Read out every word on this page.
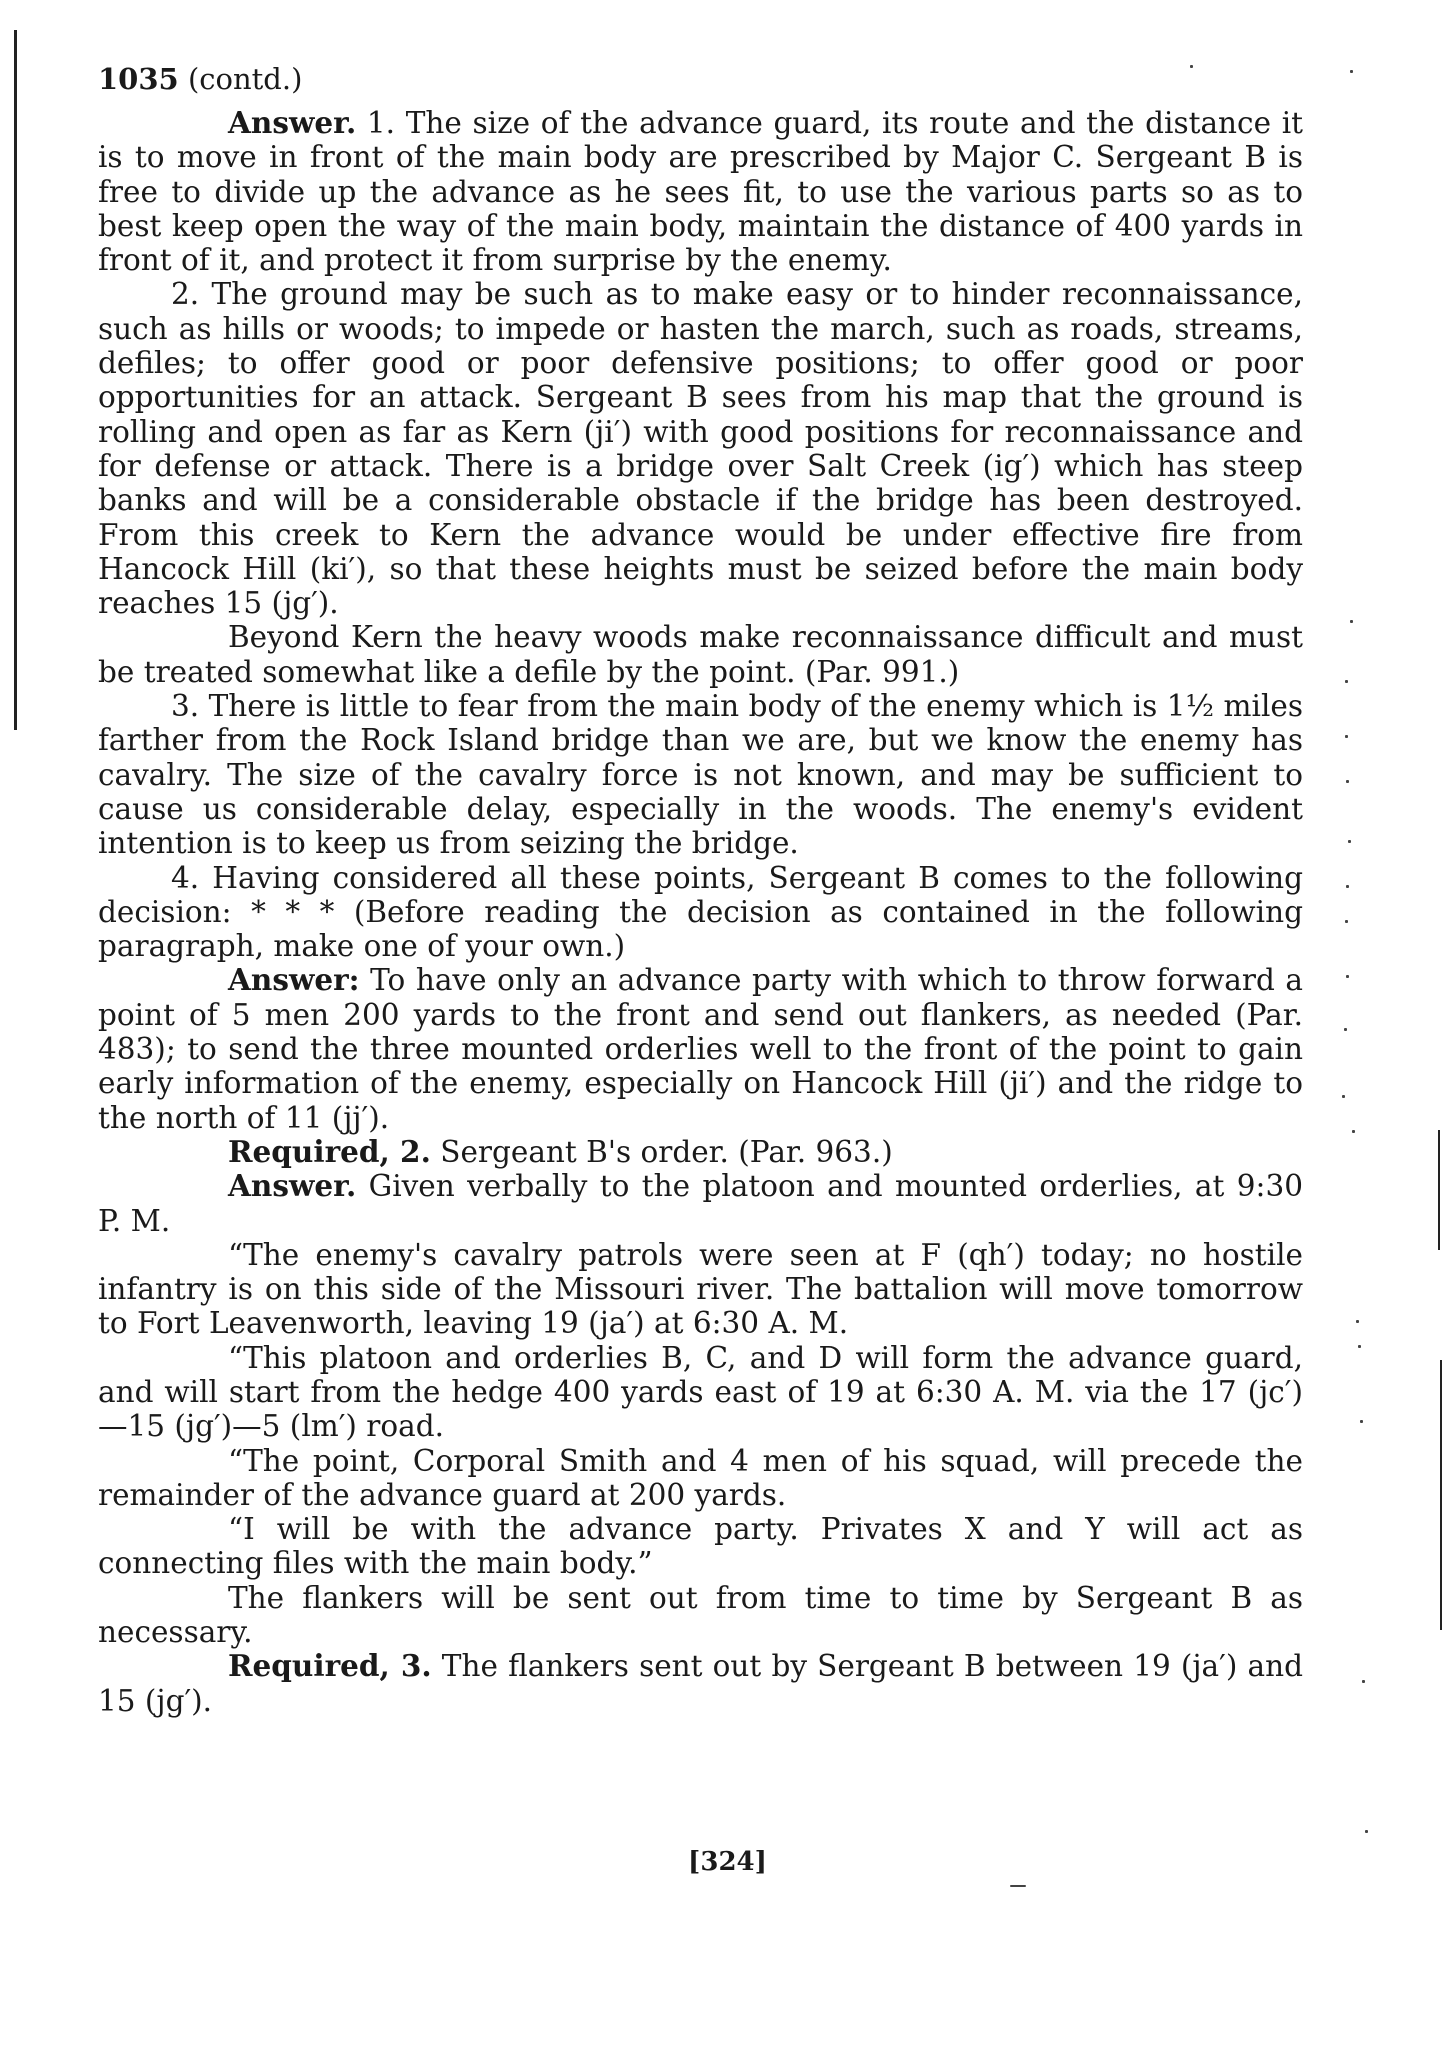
1035 (contd.)

Answer. 1. The size of the advance guard, its route and the distance it is to move in front of the main body are prescribed by Major C. Sergeant B is free to divide up the advance as he sees fit, to use the various parts so as to best keep open the way of the main body, maintain the distance of 400 yards in front of it, and protect it from surprise by the enemy.

2. The ground may be such as to make easy or to hinder reconnaissance, such as hills or woods; to impede or hasten the march, such as roads, streams, defiles; to offer good or poor defensive positions; to offer good or poor opportunities for an attack. Sergeant B sees from his map that the ground is rolling and open as far as Kern (ji′) with good positions for reconnaissance and for defense or attack. There is a bridge over Salt Creek (ig′) which has steep banks and will be a considerable obstacle if the bridge has been destroyed. From this creek to Kern the advance would be under effective fire from Hancock Hill (ki′), so that these heights must be seized before the main body reaches 15 (jg′).

Beyond Kern the heavy woods make reconnaissance difficult and must be treated somewhat like a defile by the point. (Par. 991.)

3. There is little to fear from the main body of the enemy which is 1½ miles farther from the Rock Island bridge than we are, but we know the enemy has cavalry. The size of the cavalry force is not known, and may be sufficient to cause us considerable delay, especially in the woods. The enemy's evident intention is to keep us from seizing the bridge.

4. Having considered all these points, Sergeant B comes to the following decision: * * * (Before reading the decision as contained in the following paragraph, make one of your own.)

Answer: To have only an advance party with which to throw forward a point of 5 men 200 yards to the front and send out flankers, as needed (Par. 483); to send the three mounted orderlies well to the front of the point to gain early information of the enemy, especially on Hancock Hill (ji′) and the ridge to the north of 11 (jj′).

Required, 2. Sergeant B's order. (Par. 963.)

Answer. Given verbally to the platoon and mounted orderlies, at 9:30 P. M.

“The enemy's cavalry patrols were seen at F (qh′) today; no hostile infantry is on this side of the Missouri river. The battalion will move tomorrow to Fort Leavenworth, leaving 19 (ja′) at 6:30 A. M.

“This platoon and orderlies B, C, and D will form the advance guard, and will start from the hedge 400 yards east of 19 at 6:30 A. M. via the 17 (jc′)—15 (jg′)—5 (lm′) road.

“The point, Corporal Smith and 4 men of his squad, will precede the remainder of the advance guard at 200 yards.

“I will be with the advance party. Privates X and Y will act as connecting files with the main body.”

The flankers will be sent out from time to time by Sergeant B as necessary.

Required, 3. The flankers sent out by Sergeant B between 19 (ja′) and 15 (jg′).

[324]
